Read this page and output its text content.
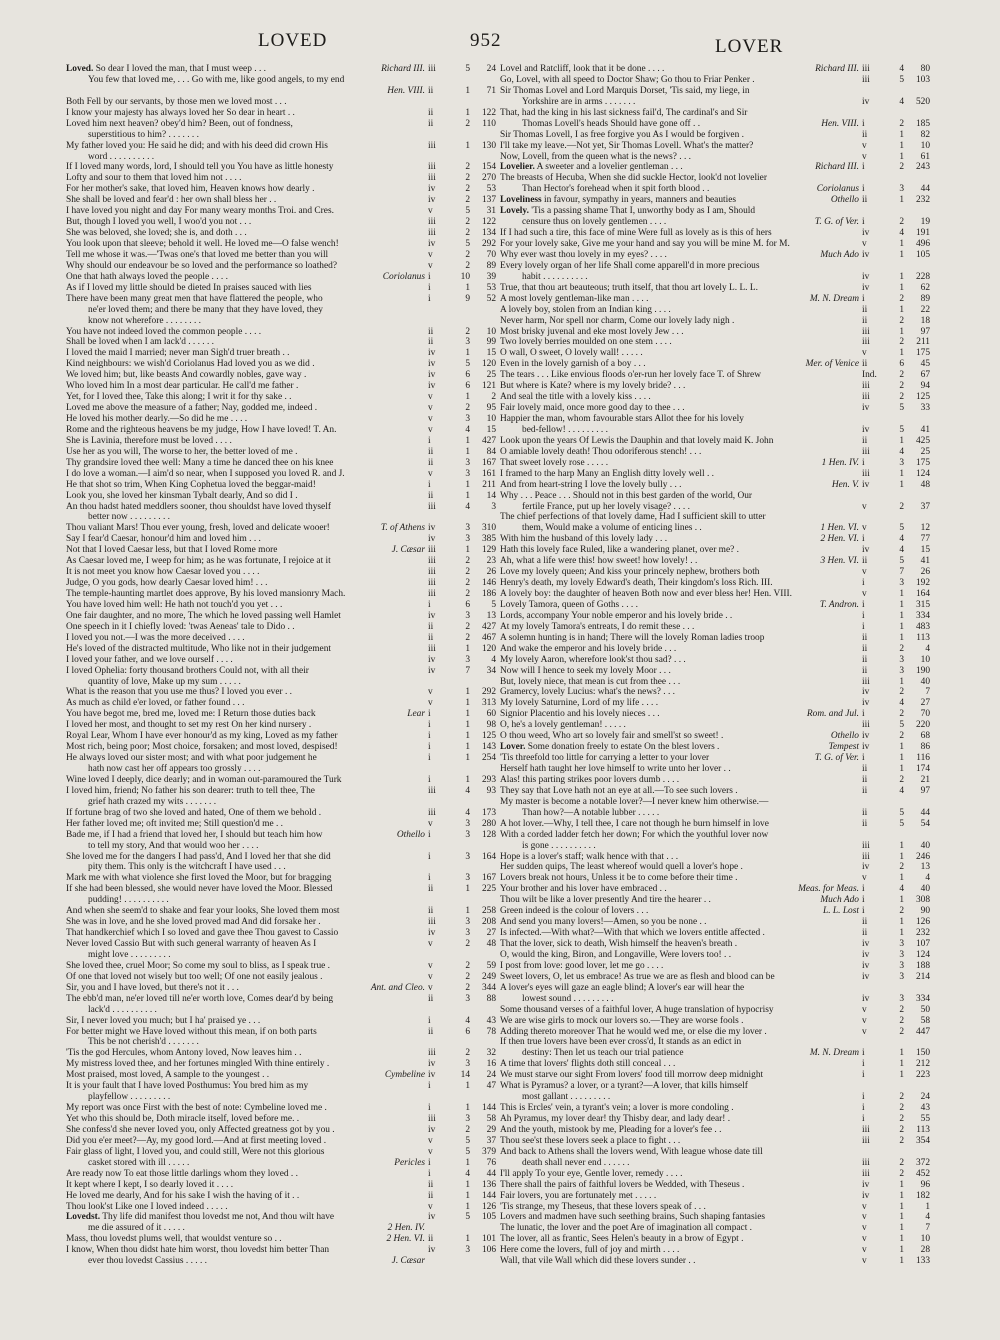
LOVED	952	LOVER
Loved. So dear I loved the man, that I must weep . . .	Richard III. iii	5 24
You few that loved me, . . . Go with me, like good angels, to my end
Hen. VIII. ii	1 71
Both Fell by our servants, by those men we loved most . . .
I know your majesty has always loved her So dear in heart . .	ii	1 122
Loved him next heaven? obey'd him? Been, out of fondness,	ii	2 110
superstitious to him? . . . . . . .
My father loved you: He said he did; and with his deed did crown His	iii	1 130
word . . . . . . . . . .
If I loved many words, lord, I should tell you You have as little honesty	iii	2 154
Lofty and sour to them that loved him not . . . .	iii	2 270
For her mother's sake, that loved him, Heaven knows how dearly .	iv	2 53
She shall be loved and fear'd : her own shall bless her . .	iv	2 137
I have loved you night and day For many weary months Troi. and Cres.	v	5 31
But, though I loved you well, I woo'd you not . . .	iii	2 122
She was beloved, she loved; she is, and doth . . .	iii	2 134
You look upon that sleeve; behold it well. He loved me—O false wench!	iv	5 292
Tell me whose it was.—'Twas one's that loved me better than you will	v	2 70
Why should our endeavour be so loved and the performance so loathed?	v	2 89
One that hath always loved the people . . . .	Coriolanus i	10 39
As if I loved my little should be dieted In praises sauced with lies	i	1 53
There have been many great men that have flattered the people, who	i	9 52
ne'er loved them; and there be many that they have loved, they
know not wherefore . . . . . . . .
You have not indeed loved the common people . . . .	ii	2 10
Shall be loved when I am lack'd . . . . . .	ii	3 99
I loved the maid I married; never man Sigh'd truer breath . .	iv	1 15
Kind neighbours: we wish'd Coriolanus Had loved you as we did .	iv	5 120
We loved him; but, like beasts And cowardly nobles, gave way .	iv	6 25
Who loved him In a most dear particular. He call'd me father .	iv	6 121
Yet, for I loved thee, Take this along; I writ it for thy sake . .	v	1 2
Loved me above the measure of a father; Nay, godded me, indeed .	v	2 95
He loved his mother dearly.—So did he me . . . .	v	3 10
Rome and the righteous heavens be my judge, How I have loved! T. An.	v	4 15
She is Lavinia, therefore must be loved . . . .	i	1 427
Use her as you will, The worse to her, the better loved of me .	ii	1 84
Thy grandsire loved thee well: Many a time he danced thee on his knee	ii	3 167
I do love a woman.—I aim'd so near, when I supposed you loved R. and J.	v	3 161
He that shot so trim, When King Cophetua loved the beggar-maid!	i	1 211
Look you, she loved her kinsman Tybalt dearly, And so did I .	ii	1 14
An thou hadst hated meddlers sooner, thou shouldst have loved thyself	iii	4 3
better now . . . . . . . . .
Thou valiant Mars! Thou ever young, fresh, loved and delicate wooer!	T. of Athens iv	3 310
Say I fear'd Caesar, honour'd him and loved him . . .	iv	3 385
Not that I loved Caesar less, but that I loved Rome more	J. Cæsar iii	1 129
As Caesar loved me, I weep for him; as he was fortunate, I rejoice at it	iii	2 23
It is not meet you know how Caesar loved you . . . .	iii	2 26
Judge, O you gods, how dearly Caesar loved him! . . .	iii	2 146
The temple-haunting martlet does approve, By his loved mansionry Mach.	iii	2 186
You have loved him well: He hath not touch'd you yet . . .	i	6 5
One fair daughter, and no more, The which he loved passing well Hamlet	iv	3 13
One speech in it I chiefly loved: 'twas Aeneas' tale to Dido . .	ii	2 427
I loved you not.—I was the more deceived . . . .	ii	2 467
He's loved of the distracted multitude, Who like not in their judgement	iii	1 120
I loved your father, and we love ourself . . . .	iv	3 4
I loved Ophelia: forty thousand brothers Could not, with all their	iv	7 34
quantity of love, Make up my sum . . . . .
What is the reason that you use me thus? I loved you ever . .	v	1 292
As much as child e'er loved, or father found . . .	v	1 313
You have begot me, bred me, loved me: I Return those duties back	Lear i	1 60
I loved her most, and thought to set my rest On her kind nursery .	i	1 98
Royal Lear, Whom I have ever honour'd as my king, Loved as my father	i	1 125
Most rich, being poor; Most choice, forsaken; and most loved, despised!	i	1 143
He always loved our sister most; and with what poor judgement he	i	1 254
hath now cast her off appears too grossly . . . .
Wine loved I deeply, dice dearly; and in woman out-paramoured the Turk	i	1 293
I loved him, friend; No father his son dearer: truth to tell thee, The	iii	4 93
grief hath crazed my wits . . . . . . .
If fortune brag of two she loved and hated, One of them we behold .	iii	4 173
Her father loved me; oft invited me; Still question'd me . .	v	3 280
Bade me, if I had a friend that loved her, I should but teach him how	Othello i	3 128
to tell my story, And that would woo her . . . .
She loved me for the dangers I had pass'd, And I loved her that she did	i	3 164
pity them. This only is the witchcraft I have used . . .
Mark me with what violence she first loved the Moor, but for bragging	i	3 167
If she had been blessed, she would never have loved the Moor. Blessed	ii	1 225
pudding! . . . . . . . . . .
And when she seem'd to shake and fear your looks, She loved them most	ii	1 258
She was in love, and he she loved proved mad And did forsake her .	iii	3 208
That handkerchief which I so loved and gave thee Thou gavest to Cassio	iv	3 27
Never loved Cassio But with such general warranty of heaven As I	v	2 48
might love . . . . . . . . .
She loved thee, cruel Moor; So come my soul to bliss, as I speak true .	v	2 59
Of one that loved not wisely but too well; Of one not easily jealous .	v	2 249
Sir, you and I have loved, but there's not it . . .	Ant. and Cleo. v	2 344
The ebb'd man, ne'er loved till ne'er worth love, Comes dear'd by being	ii	3 88
lack'd . . . . . . . . . .
Sir, I never loved you much; but I ha' praised ye . . .	i	4 43
For better might we Have loved without this mean, if on both parts	ii	6 78
This be not cherish'd . . . . . . .
'Tis the god Hercules, whom Antony loved, Now leaves him . .	iii	2 32
My mistress loved thee, and her fortunes mingled With thine entirely .	iv	3 16
Most praised, most loved, A sample to the youngest . .	Cymbeline iv	14 24
It is your fault that I have loved Posthumus: You bred him as my	i	1 47
playfellow . . . . . . . . .
My report was once First with the best of note: Cymbeline loved me .	i	1 144
Yet who this should be, Doth miracle itself, loved before me. .	iii	3 58
She confess'd she never loved you, only Affected greatness got by you .	iv	2 29
Did you e'er meet?—Ay, my good lord.—And at first meeting loved .	v	5 37
Fair glass of light, I loved you, and could still, Were not this glorious	v	5 379
casket stored with ill . . . . .	Pericles i	1 76
Are ready now To eat those little darlings whom they loved . .	i	4 44
It kept where I kept, I so dearly loved it . . . .	ii	1 136
He loved me dearly, And for his sake I wish the having of it . .	ii	1 144
Thou look'st Like one I loved indeed . . . . .	v	1 126
Lovedst. Thy life did manifest thou lovedst me not, And thou wilt have	iv	5 105
me die assured of it . . . . .	2 Hen. IV.
Mass, thou lovedst plums well, that wouldst venture so . .	2 Hen. VI. ii	1 101
I know, When thou didst hate him worst, thou lovedst him better Than	iv	3 106
ever thou lovedst Cassius . . . . .	J. Cæsar
Lovel and Ratcliff, look that it be done . . . .	Richard III. iii	4 80
Go, Lovel, with all speed to Doctor Shaw; Go thou to Friar Penker .	iii	5 103
Sir Thomas Lovel and Lord Marquis Dorset, 'Tis said, my liege, in
Yorkshire are in arms . . . . . . .	iv	4 520
That, had the king in his last sickness fail'd, The cardinal's and Sir
Thomas Lovell's heads Should have gone off . .	Hen. VIII. i	2 185
Sir Thomas Lovell, I as free forgive you As I would be forgiven .	ii	1 82
I'll take my leave.—Not yet, Sir Thomas Lovell. What's the matter?	v	1 10
Now, Lovell, from the queen what is the news? . . .	v	1 61
Lovelier. A sweeter and a lovelier gentleman . . .	Richard III. i	2 243
The breasts of Hecuba, When she did suckle Hector, look'd not lovelier
Than Hector's forehead when it spit forth blood . .	Coriolanus i	3 44
Loveliness in favour, sympathy in years, manners and beauties	Othello ii	1 232
Lovely. 'Tis a passing shame That I, unworthy body as I am, Should
censure thus on lovely gentlemen . . . .	T. G. of Ver. i	2 19
If I had such a tire, this face of mine Were full as lovely as is this of hers	iv	4 191
For your lovely sake, Give me your hand and say you will be mine M. for M.	v	1 496
Why ever wast thou lovely in my eyes? . . . .	Much Ado iv	1 105
Every lovely organ of her life Shall come apparell'd in more precious
habit . . . . . . . . . .	iv	1 228
True, that thou art beauteous; truth itself, that thou art lovely L. L. L.	iv	1 62
A most lovely gentleman-like man . . . .	M. N. Dream i	2 89
A lovely boy, stolen from an Indian king . . . .	ii	1 22
Never harm, Nor spell nor charm, Come our lovely lady nigh .	ii	2 18
Most brisky juvenal and eke most lovely Jew . . .	iii	1 97
Two lovely berries moulded on one stem . . . .	iii	2 211
O wall, O sweet, O lovely wall! . . . . .	v	1 175
Even in the lovely garnish of a boy . . .	Mer. of Venice ii	6 45
The tears . . . Like envious floods o'er-run her lovely face T. of Shrew	Ind. 2 67
But where is Kate? where is my lovely bride? . . .	iii	2 94
And seal the title with a lovely kiss . . . .	iii	2 125
Fair lovely maid, once more good day to thee . . .	iv	5 33
Happier the man, whom favourable stars Allot thee for his lovely
bed-fellow! . . . . . . . . .	iv	5 41
Look upon the years Of Lewis the Dauphin and that lovely maid K. John	ii	1 425
O amiable lovely death! Thou odoriferous stench! . . .	iii	4 25
That sweet lovely rose . . . . .	1 Hen. IV. i	3 175
I framed to the harp Many an English ditty lovely well . .	iii	1 124
And from heart-string I love the lovely bully . . .	Hen. V. iv	1 48
Why . . . Peace . . . Should not in this best garden of the world, Our
fertile France, put up her lovely visage? . . . .	v	2 37
The chief perfections of that lovely dame, Had I sufficient skill to utter
them, Would make a volume of enticing lines . .	1 Hen. VI. v	5 12
With him the husband of this lovely lady . . .	2 Hen. VI. i	4 77
Hath this lovely face Ruled, like a wandering planet, over me? .	iv	4 15
Ah, what a life were this! how sweet! how lovely! . .	3 Hen. VI. ii	5 41
Love my lovely queen; And kiss your princely nephew, brothers both	v	7 26
Henry's death, my lovely Edward's death, Their kingdom's loss Rich. III.	i	3 192
A lovely boy: the daughter of heaven Both now and ever bless her! Hen. VIII.	v	1 164
Lovely Tamora, queen of Goths . . . .	T. Andron. i	1 315
Lords, accompany Your noble emperor and his lovely bride . .	i	1 334
At my lovely Tamora's entreats, I do remit these . . .	i	1 483
A solemn hunting is in hand; There will the lovely Roman ladies troop	ii	1 113
And wake the emperor and his lovely bride . . .	ii	2 4
My lovely Aaron, wherefore look'st thou sad? . . .	ii	3 10
Now will I hence to seek my lovely Moor . . .	ii	3 190
But, lovely niece, that mean is cut from thee . . .	iii	1 40
Gramercy, lovely Lucius: what's the news? . . .	iv	2 7
My lovely Saturnine, Lord of my life . . . .	iv	4 27
Signior Placentio and his lovely nieces . . .	Rom. and Jul. i	2 70
O, he's a lovely gentleman! . . . . .	iii	5 220
O thou weed, Who art so lovely fair and smell'st so sweet! .	Othello iv	2 68
Lover. Some donation freely to estate On the blest lovers .	Tempest iv	1 86
'Tis threefold too little for carrying a letter to your lover	T. G. of Ver. i	1 116
Herself hath taught her love himself to write unto her lover . .	ii	1 174
Alas! this parting strikes poor lovers dumb . . . .	ii	2 21
They say that Love hath not an eye at all.—To see such lovers .	ii	4 97
My master is become a notable lover?—I never knew him otherwise.—
Than how?—A notable lubber . . . . .	ii	5 44
A hot lover.—Why, I tell thee, I care not though he burn himself in love	ii	5 54
With a corded ladder fetch her down; For which the youthful lover now
is gone . . . . . . . . . .	iii	1 40
Hope is a lover's staff; walk hence with that . . .	iii	1 246
Her sudden quips, The least whereof would quell a lover's hope .	iv	2 13
Lovers break not hours, Unless it be to come before their time .	v	1 4
Your brother and his lover have embraced . .	Meas. for Meas. i	4 40
Thou wilt be like a lover presently And tire the hearer . .	Much Ado i	1 308
Green indeed is the colour of lovers . . .	L. L. Lost i	2 90
And send you many lovers!—Amen, so you be none . .	ii	1 126
Is infected.—With what?—With that which we lovers entitle affected .	ii	1 232
That the lover, sick to death, Wish himself the heaven's breath .	iv	3 107
O, would the king, Biron, and Longaville, Were lovers too! . .	iv	3 124
I post from love: good lover, let me go . . . .	iv	3 188
Sweet lovers, O, let us embrace! As true we are as flesh and blood can be	iv	3 214
A lover's eyes will gaze an eagle blind; A lover's ear will hear the
lowest sound . . . . . . . . .	iv	3 334
Some thousand verses of a faithful lover, A huge translation of hypocrisy	v	2 50
We are wise girls to mock our lovers so.—They are worse fools .	v	2 58
Adding thereto moreover That he would wed me, or else die my lover .	v	2 447
If then true lovers have been ever cross'd, It stands as an edict in
destiny: Then let us teach our trial patience	M. N. Dream i	1 150
A time that lovers' flights doth still conceal . . .	i	1 212
We must starve our sight From lovers' food till morrow deep midnight	i	1 223
What is Pyramus? a lover, or a tyrant?—A lover, that kills himself
most gallant . . . . . . . . .	i	2 24
This is Ercles' vein, a tyrant's vein; a lover is more condoling .	i	2 43
Ah Pyramus, my lover dear! thy Thisby dear, and lady dear! .	i	2 55
And the youth, mistook by me, Pleading for a lover's fee . .	iii	2 113
Thou see'st these lovers seek a place to fight . . .	iii	2 354
And back to Athens shall the lovers wend, With league whose date till
death shall never end . . . . . .	iii	2 372
I'll apply To your eye, Gentle lover, remedy . . . .	iii	2 452
There shall the pairs of faithful lovers be Wedded, with Theseus .	iv	1 96
Fair lovers, you are fortunately met . . . . .	iv	1 182
'Tis strange, my Theseus, that these lovers speak of . . .	v	1 1
Lovers and madmen have such seething brains, Such shaping fantasies	v	1 4
The lunatic, the lover and the poet Are of imagination all compact .	v	1 7
The lover, all as frantic, Sees Helen's beauty in a brow of Egypt .	v	1 10
Here come the lovers, full of joy and mirth . . . .	v	1 28
Wall, that vile Wall which did these lovers sunder . .	v	1 133
